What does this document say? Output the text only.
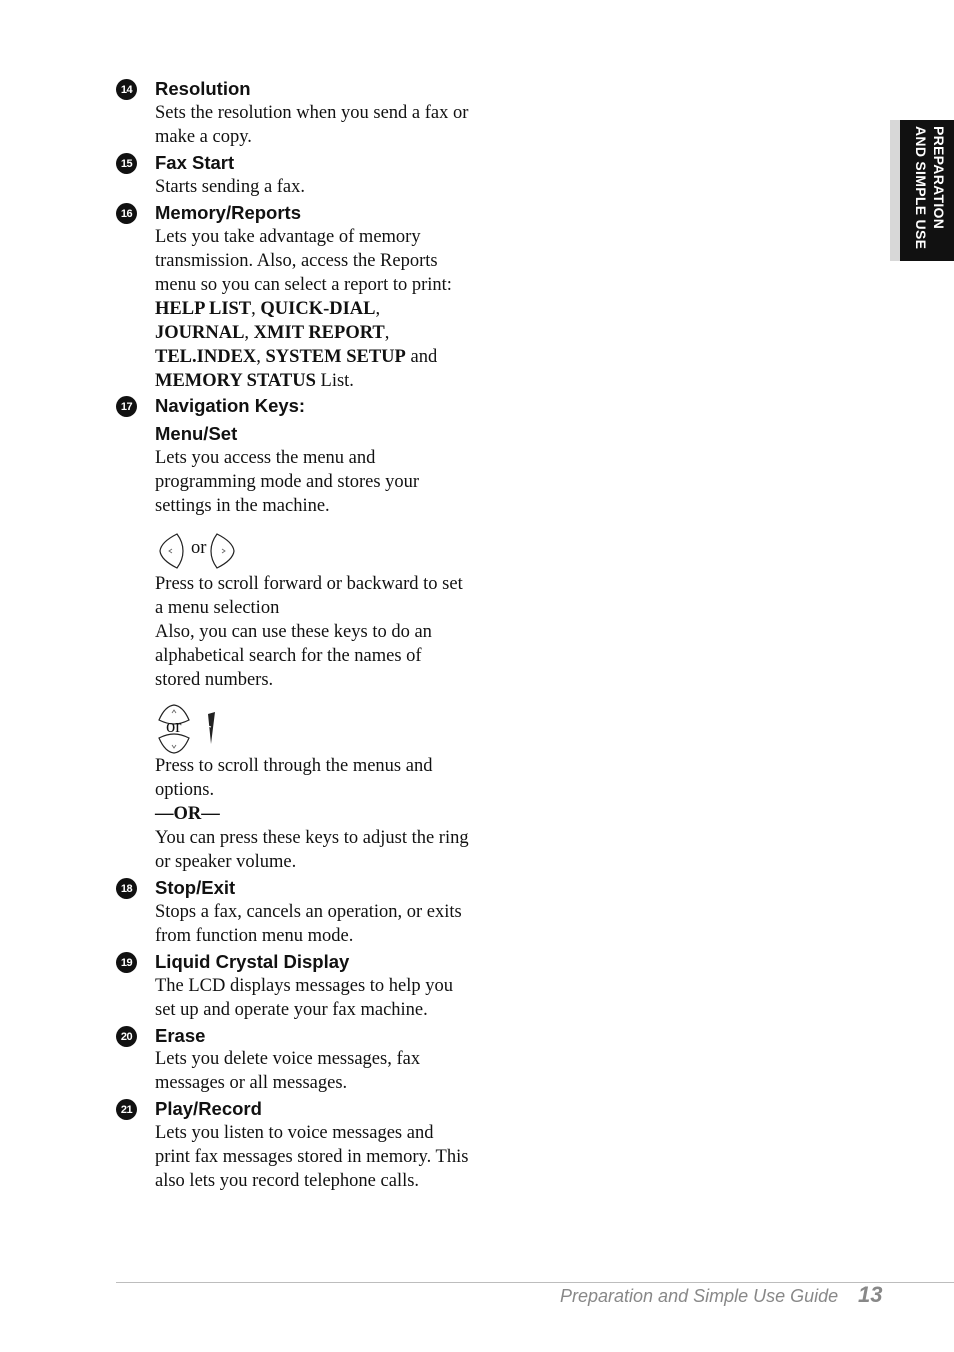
PREPARATION
AND SIMPLE USE
14 Resolution
Sets the resolution when you send a fax or
make a copy.
15 Fax Start
Starts sending a fax.
16 Memory/Reports
Lets you take advantage of memory
transmission. Also, access the Reports
menu so you can select a report to print:
HELP LIST, QUICK-DIAL,
JOURNAL, XMIT REPORT,
TEL.INDEX, SYSTEM SETUP and
MEMORY STATUS List.
17 Navigation Keys:
Menu/Set
Lets you access the menu and
programming mode and stores your
settings in the machine.
or
Press to scroll forward or backward to set
a menu selection
Also, you can use these keys to do an
alphabetical search for the names of
stored numbers.
or
Press to scroll through the menus and
options.
—OR—
You can press these keys to adjust the ring
or speaker volume.
18 Stop/Exit
Stops a fax, cancels an operation, or exits
from function menu mode.
19 Liquid Crystal Display
The LCD displays messages to help you
set up and operate your fax machine.
20 Erase
Lets you delete voice messages, fax
messages or all messages.
21 Play/Record
Lets you listen to voice messages and
print fax messages stored in memory. This
also lets you record telephone calls.
Preparation and Simple Use Guide 13
